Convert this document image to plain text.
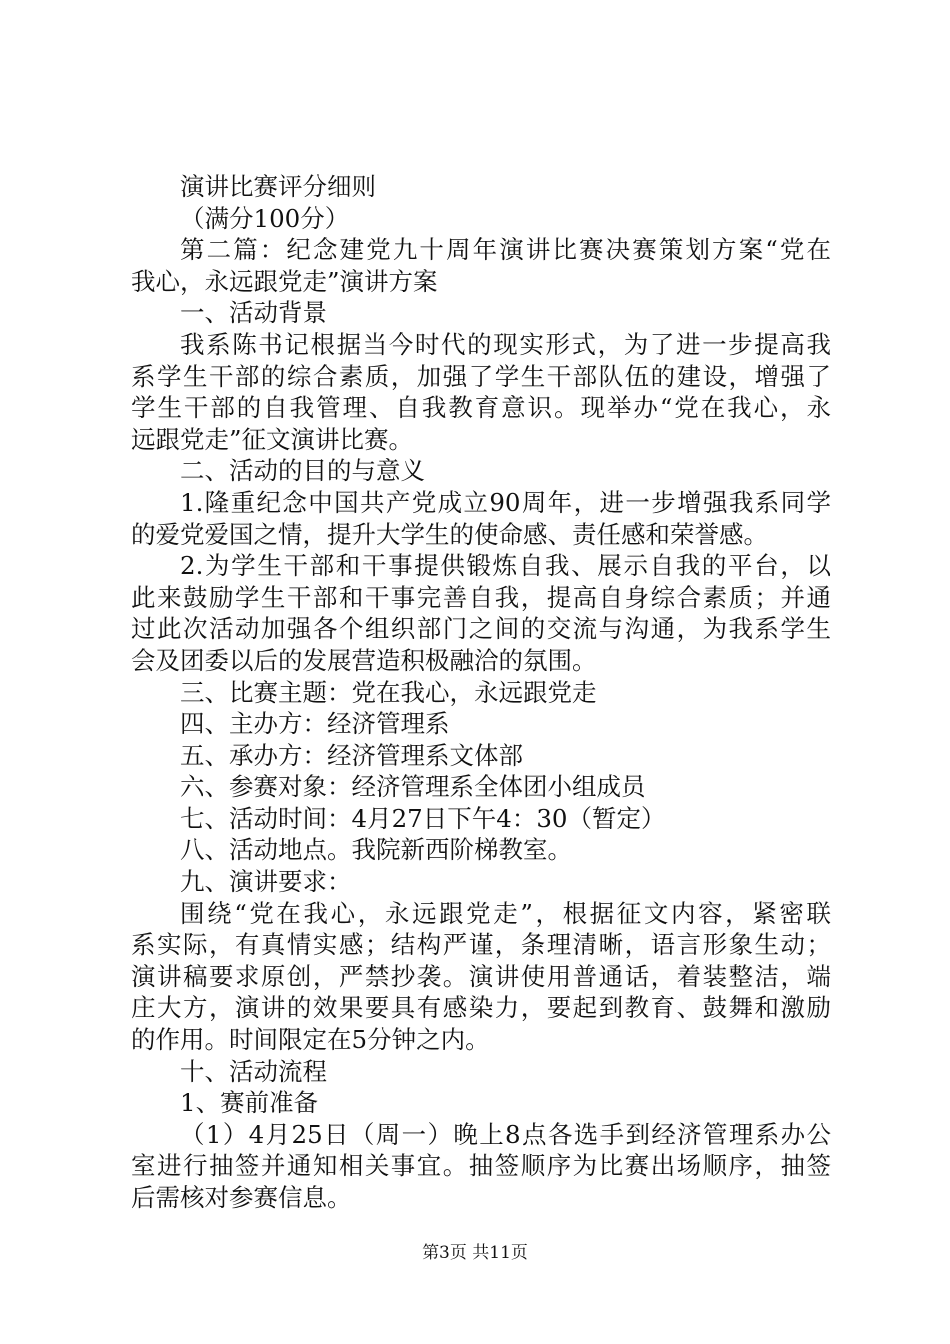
演讲比赛评分细则
（满分100分）
第二篇：纪念建党九十周年演讲比赛决赛策划方案“党在
我心，永远跟党走”演讲方案
一、活动背景
我系陈书记根据当今时代的现实形式，为了进一步提高我
系学生干部的综合素质，加强了学生干部队伍的建设，增强了
学生干部的自我管理、自我教育意识。现举办“党在我心，永
远跟党走”征文演讲比赛。
二、活动的目的与意义
1.隆重纪念中国共产党成立90周年，进一步增强我系同学
的爱党爱国之情，提升大学生的使命感、责任感和荣誉感。
2.为学生干部和干事提供锻炼自我、展示自我的平台，以
此来鼓励学生干部和干事完善自我，提高自身综合素质；并通
过此次活动加强各个组织部门之间的交流与沟通，为我系学生
会及团委以后的发展营造积极融洽的氛围。
三、比赛主题：党在我心，永远跟党走
四、主办方：经济管理系
五、承办方：经济管理系文体部
六、参赛对象：经济管理系全体团小组成员
七、活动时间：4月27日下午4：30（暂定）
八、活动地点。我院新西阶梯教室。
九、演讲要求：
围绕“党在我心，永远跟党走”，根据征文内容，紧密联
系实际，有真情实感；结构严谨，条理清晰，语言形象生动；
演讲稿要求原创，严禁抄袭。演讲使用普通话，着装整洁，端
庄大方，演讲的效果要具有感染力，要起到教育、鼓舞和激励
的作用。时间限定在5分钟之内。
十、活动流程
1、赛前准备
（1）4月25日（周一）晚上8点各选手到经济管理系办公
室进行抽签并通知相关事宜。抽签顺序为比赛出场顺序，抽签
后需核对参赛信息。
第3页 共11页
